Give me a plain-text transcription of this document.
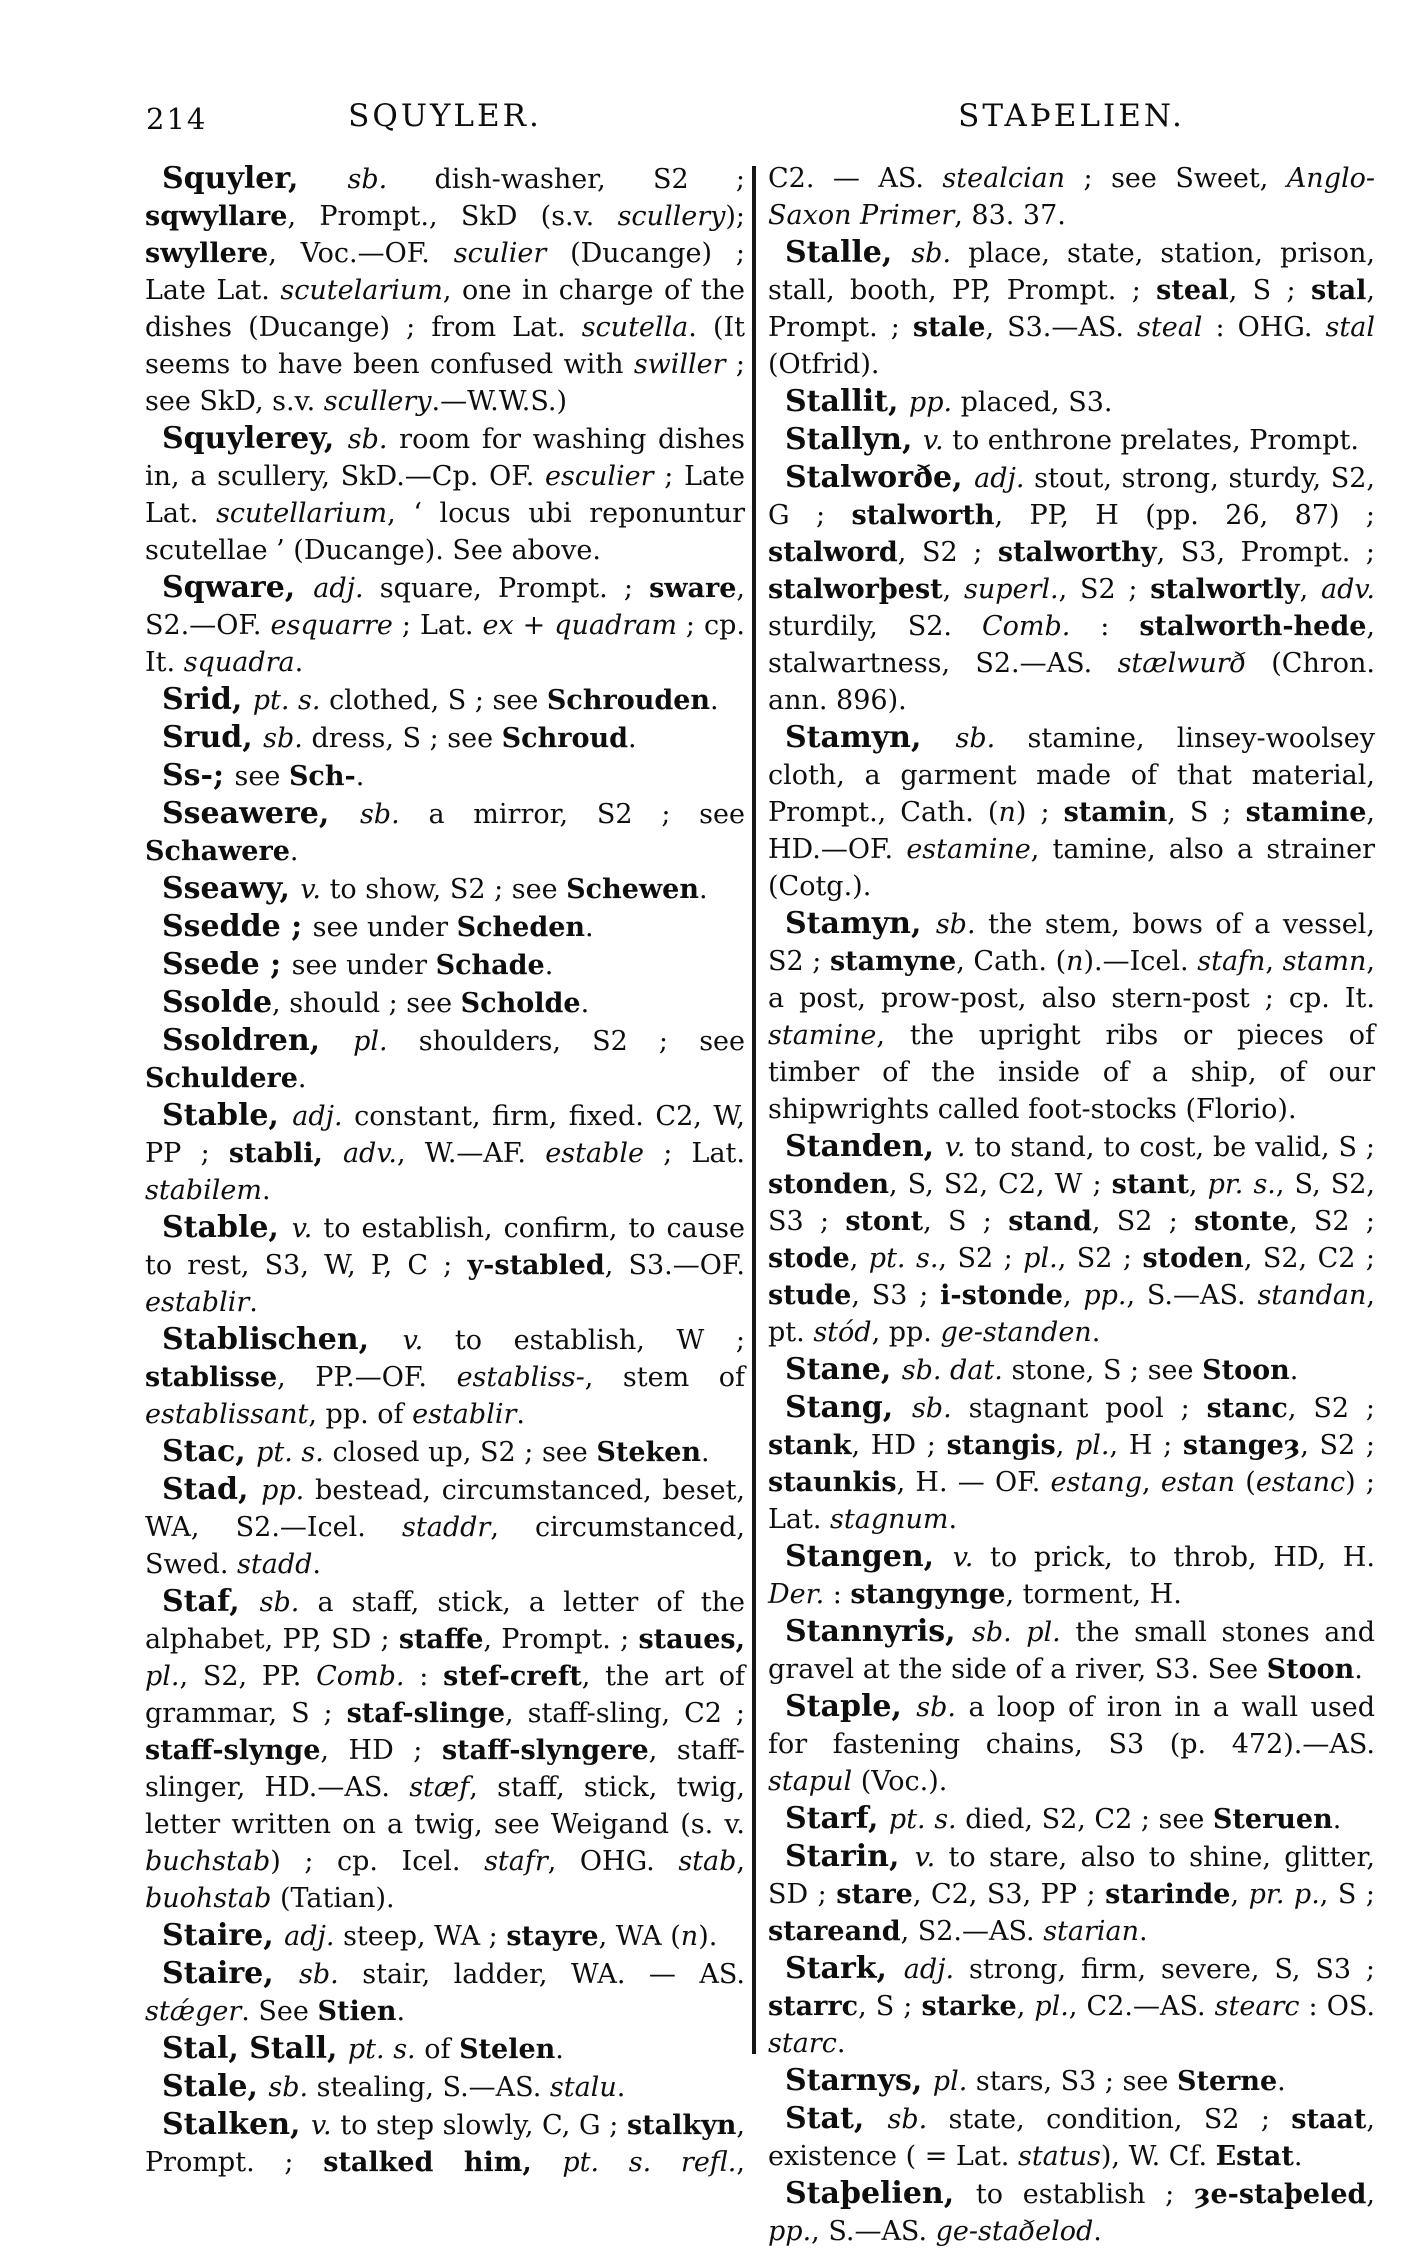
214	SQUYLER.	STAÞELIEN.

Squyler, sb. dish-washer, S2 ; sqwyllare, Prompt., SkD (s.v. scullery); swyllere, Voc.—OF. sculier (Ducange) ; Late Lat. scutelarium, one in charge of the dishes (Ducange) ; from Lat. scutella. (It seems to have been confused with swiller ; see SkD, s.v. scullery.—W.W.S.)

Squylerey, sb. room for washing dishes in, a scullery, SkD.—Cp. OF. esculier ; Late Lat. scutellarium, ‘ locus ubi reponuntur scutellae ’ (Ducange). See above.

Sqware, adj. square, Prompt. ; sware, S2.—OF. esquarre ; Lat. ex + quadram ; cp. It. squadra.

Srid, pt. s. clothed, S ; see Schrouden.

Srud, sb. dress, S ; see Schroud.

Ss-; see Sch-.

Sseawere, sb. a mirror, S2 ; see Schawere.

Sseawy, v. to show, S2 ; see Schewen.

Ssedde ; see under Scheden.

Ssede ; see under Schade.

Ssolde, should ; see Scholde.

Ssoldren, pl. shoulders, S2 ; see Schuldere.

Stable, adj. constant, firm, fixed. C2, W, PP ; stabli, adv., W.—AF. estable ; Lat. stabilem.

Stable, v. to establish, confirm, to cause to rest, S3, W, P, C ; y-stabled, S3.—OF. establir.

Stablischen, v. to establish, W ; stablisse, PP.—OF. establiss-, stem of establissant, pp. of establir.

Stac, pt. s. closed up, S2 ; see Steken.

Stad, pp. bestead, circumstanced, beset, WA, S2.—Icel. staddr, circumstanced, Swed. stadd.

Staf, sb. a staff, stick, a letter of the alphabet, PP, SD ; staffe, Prompt. ; staues, pl., S2, PP. Comb. : stef-creft, the art of grammar, S ; staf-slinge, staff-sling, C2 ; staff-slynge, HD ; staff-slyngere, staff-slinger, HD.—AS. stæf, staff, stick, twig, letter written on a twig, see Weigand (s. v. buchstab) ; cp. Icel. stafr, OHG. stab, buohstab (Tatian).

Staire, adj. steep, WA ; stayre, WA (n).

Staire, sb. stair, ladder, WA. — AS. stǽger. See Stien.

Stal, Stall, pt. s. of Stelen.

Stale, sb. stealing, S.—AS. stalu.

Stalken, v. to step slowly, C, G ; stalkyn, Prompt. ; stalked him, pt. s. refl.,

C2. — AS. stealcian ; see Sweet, Anglo-Saxon Primer, 83. 37.

Stalle, sb. place, state, station, prison, stall, booth, PP, Prompt. ; steal, S ; stal, Prompt. ; stale, S3.—AS. steal : OHG. stal (Otfrid).

Stallit, pp. placed, S3.

Stallyn, v. to enthrone prelates, Prompt.

Stalworðe, adj. stout, strong, sturdy, S2, G ; stalworth, PP, H (pp. 26, 87) ; stalword, S2 ; stalworthy, S3, Prompt. ; stalworþest, superl., S2 ; stalwortly, adv. sturdily, S2. Comb. : stalworth-hede, stalwartness, S2.—AS. stælwurð (Chron. ann. 896).

Stamyn, sb. stamine, linsey-woolsey cloth, a garment made of that material, Prompt., Cath. (n) ; stamin, S ; stamine, HD.—OF. estamine, tamine, also a strainer (Cotg.).

Stamyn, sb. the stem, bows of a vessel, S2 ; stamyne, Cath. (n).—Icel. stafn, stamn, a post, prow-post, also stern-post ; cp. It. stamine, the upright ribs or pieces of timber of the inside of a ship, of our shipwrights called foot-stocks (Florio).

Standen, v. to stand, to cost, be valid, S ; stonden, S, S2, C2, W ; stant, pr. s., S, S2, S3 ; stont, S ; stand, S2 ; stonte, S2 ; stode, pt. s., S2 ; pl., S2 ; stoden, S2, C2 ; stude, S3 ; i-stonde, pp., S.—AS. standan, pt. stód, pp. ge-standen.

Stane, sb. dat. stone, S ; see Stoon.

Stang, sb. stagnant pool ; stanc, S2 ; stank, HD ; stangis, pl., H ; stangeȝ, S2 ; staunkis, H. — OF. estang, estan (estanc) ; Lat. stagnum.

Stangen, v. to prick, to throb, HD, H. Der. : stangynge, torment, H.

Stannyris, sb. pl. the small stones and gravel at the side of a river, S3. See Stoon.

Staple, sb. a loop of iron in a wall used for fastening chains, S3 (p. 472).—AS. stapul (Voc.).

Starf, pt. s. died, S2, C2 ; see Steruen.

Starin, v. to stare, also to shine, glitter, SD ; stare, C2, S3, PP ; starinde, pr. p., S ; stareand, S2.—AS. starian.

Stark, adj. strong, firm, severe, S, S3 ; starrc, S ; starke, pl., C2.—AS. stearc : OS. starc.

Starnys, pl. stars, S3 ; see Sterne.

Stat, sb. state, condition, S2 ; staat, existence ( = Lat. status), W. Cf. Estat.

Staþelien, to establish ; ȝe-staþeled, pp., S.—AS. ge-staðelod.
